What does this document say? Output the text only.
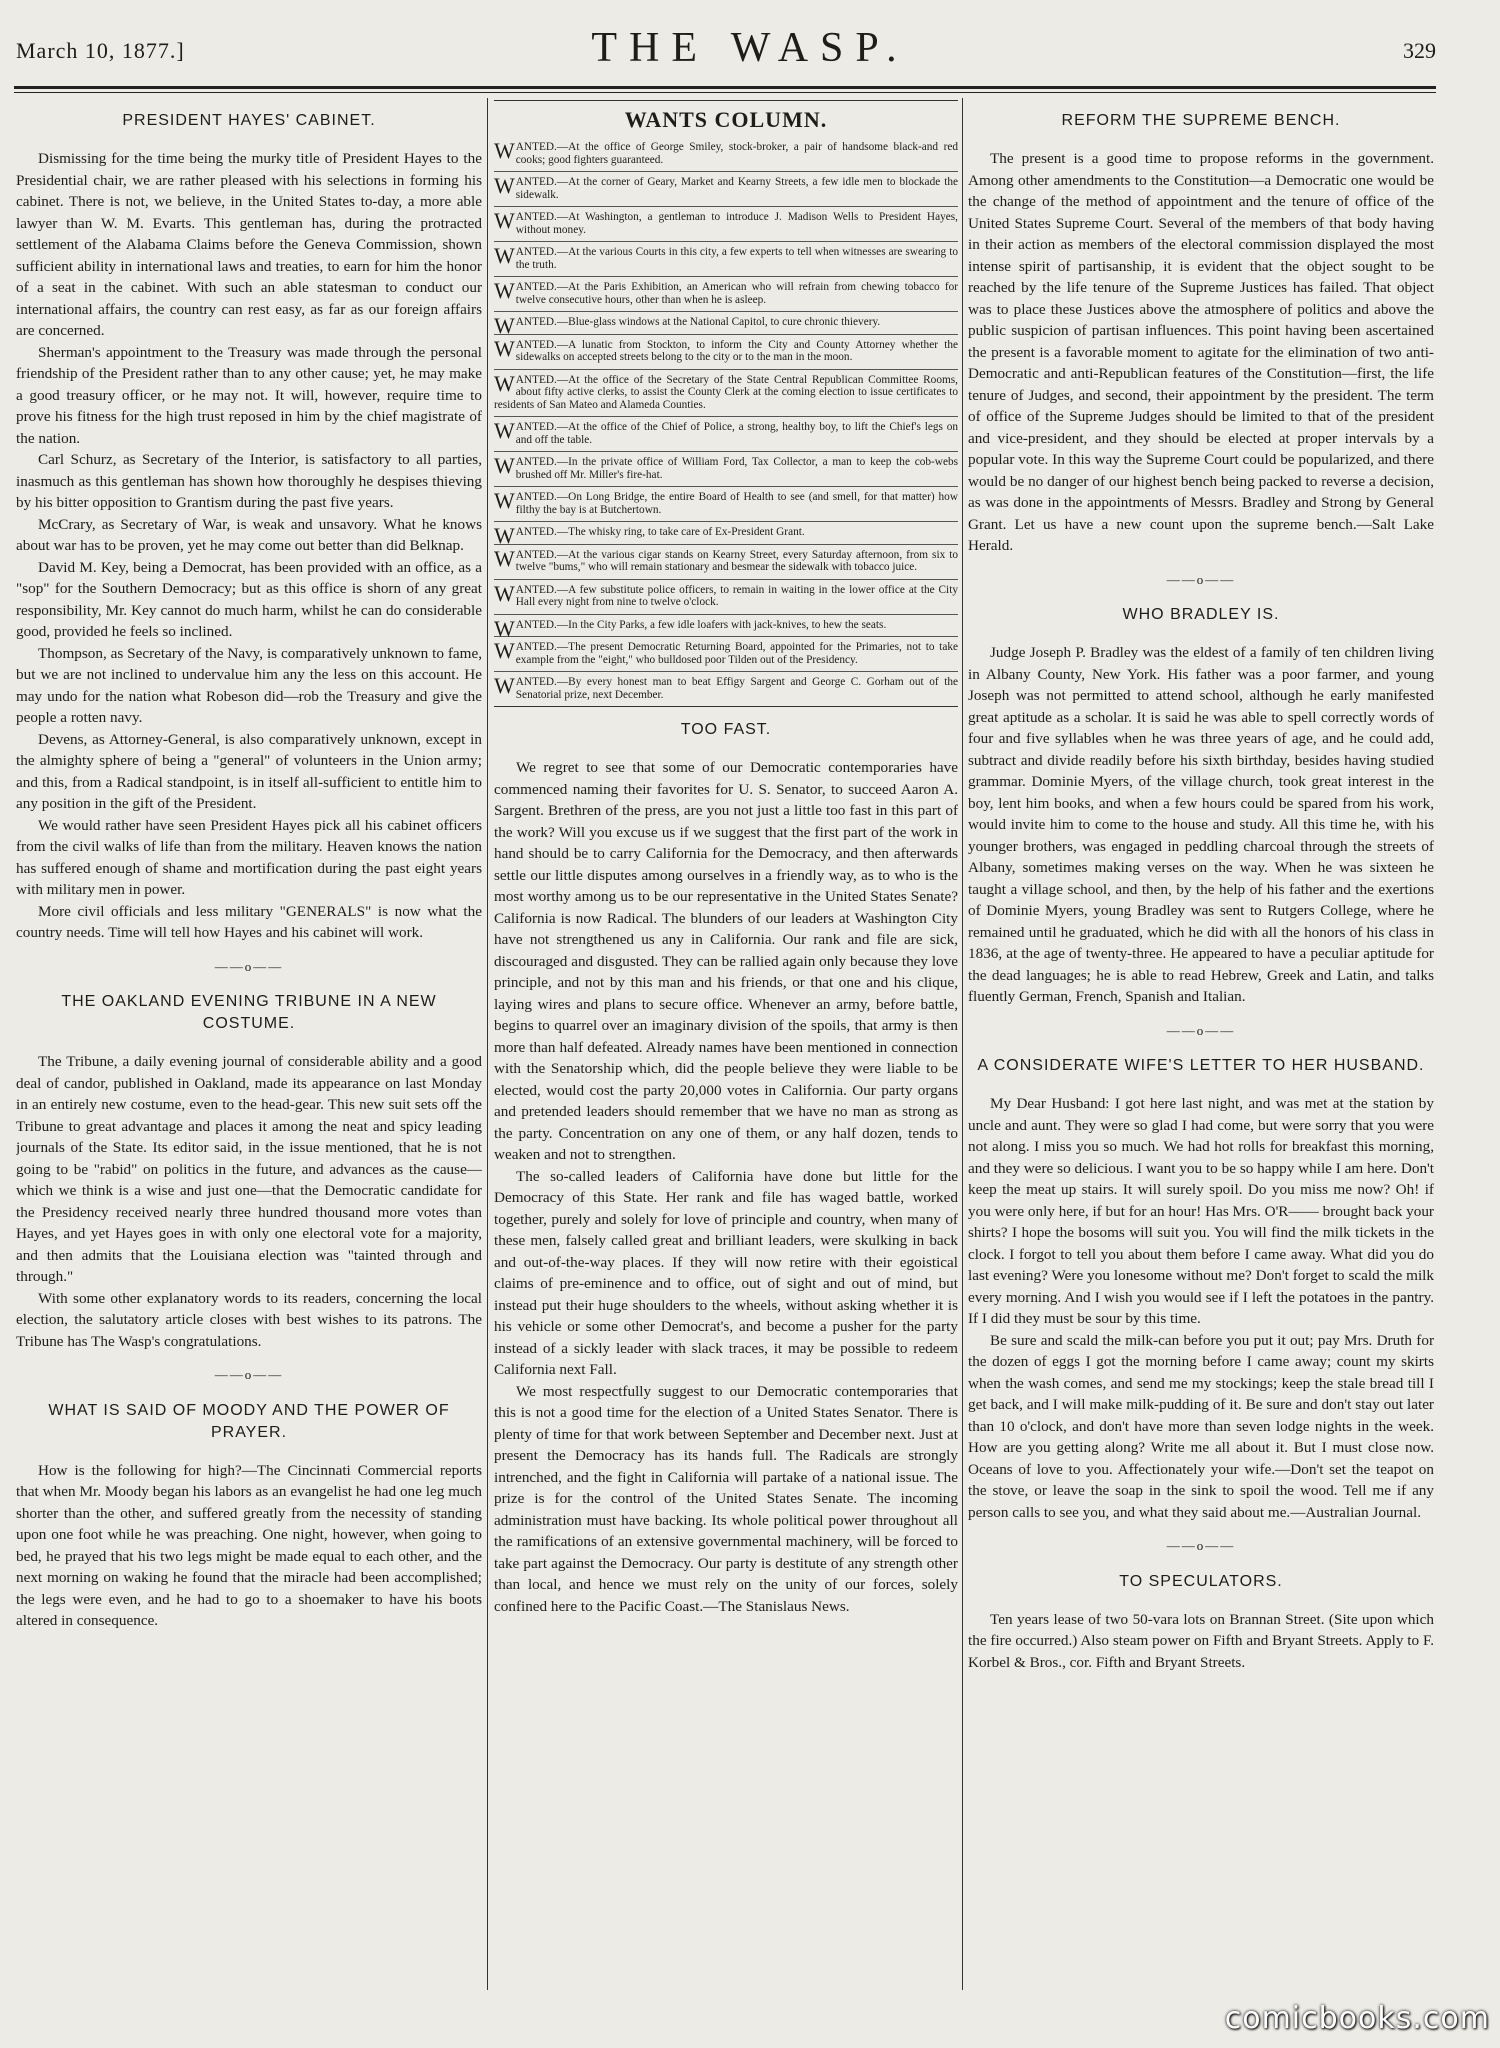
March 10, 1877.]	THE WASP.	329
PRESIDENT HAYES' CABINET.

Dismissing for the time being the murky title of President Hayes to the Presidential chair, we are rather pleased with his selections in forming his cabinet. There is not, we believe, in the United States to-day, a more able lawyer than W. M. Evarts. This gentleman has, during the protracted settlement of the Alabama Claims before the Geneva Commission, shown sufficient ability in international laws and treaties, to earn for him the honor of a seat in the cabinet. With such an able statesman to conduct our international affairs, the country can rest easy, as far as our foreign affairs are concerned.

Sherman's appointment to the Treasury was made through the personal friendship of the President rather than to any other cause; yet, he may make a good treasury officer, or he may not. It will, however, require time to prove his fitness for the high trust reposed in him by the chief magistrate of the nation.

Carl Schurz, as Secretary of the Interior, is satisfactory to all parties, inasmuch as this gentleman has shown how thoroughly he despises thieving by his bitter opposition to Grantism during the past five years.

McCrary, as Secretary of War, is weak and unsavory. What he knows about war has to be proven, yet he may come out better than did Belknap.

David M. Key, being a Democrat, has been provided with an office, as a "sop" for the Southern Democracy; but as this office is shorn of any great responsibility, Mr. Key cannot do much harm, whilst he can do considerable good, provided he feels so inclined.

Thompson, as Secretary of the Navy, is comparatively unknown to fame, but we are not inclined to undervalue him any the less on this account. He may undo for the nation what Robeson did—rob the Treasury and give the people a rotten navy.

Devens, as Attorney-General, is also comparatively unknown, except in the almighty sphere of being a "general" of volunteers in the Union army; and this, from a Radical standpoint, is in itself all-sufficient to entitle him to any position in the gift of the President.

We would rather have seen President Hayes pick all his cabinet officers from the civil walks of life than from the military. Heaven knows the nation has suffered enough of shame and mortification during the past eight years with military men in power.

More civil officials and less military "GENERALS" is now what the country needs. Time will tell how Hayes and his cabinet will work.

——o——
THE OAKLAND EVENING TRIBUNE IN A NEW COSTUME.

The Tribune, a daily evening journal of considerable ability and a good deal of candor, published in Oakland, made its appearance on last Monday in an entirely new costume, even to the head-gear. This new suit sets off the Tribune to great advantage and places it among the neat and spicy leading journals of the State. Its editor said, in the issue mentioned, that he is not going to be "rabid" on politics in the future, and advances as the cause—which we think is a wise and just one—that the Democratic candidate for the Presidency received nearly three hundred thousand more votes than Hayes, and yet Hayes goes in with only one electoral vote for a majority, and then admits that the Louisiana election was "tainted through and through."

With some other explanatory words to its readers, concerning the local election, the salutatory article closes with best wishes to its patrons. The Tribune has The Wasp's congratulations.

——o——
WHAT IS SAID OF MOODY AND THE POWER OF PRAYER.

How is the following for high?—The Cincinnati Commercial reports that when Mr. Moody began his labors as an evangelist he had one leg much shorter than the other, and suffered greatly from the necessity of standing upon one foot while he was preaching. One night, however, when going to bed, he prayed that his two legs might be made equal to each other, and the next morning on waking he found that the miracle had been accomplished; the legs were even, and he had to go to a shoemaker to have his boots altered in consequence.

WANTS COLUMN.
WANTED.—At the office of George Smiley, stock-broker, a pair of handsome black-and red cooks; good fighters guaranteed.
WANTED.—At the corner of Geary, Market and Kearny Streets, a few idle men to blockade the sidewalk.
WANTED.—At Washington, a gentleman to introduce J. Madison Wells to President Hayes, without money.
WANTED.—At the various Courts in this city, a few experts to tell when witnesses are swearing to the truth.
WANTED.—At the Paris Exhibition, an American who will refrain from chewing tobacco for twelve consecutive hours, other than when he is asleep.
WANTED.—Blue-glass windows at the National Capitol, to cure chronic thievery.
WANTED.—A lunatic from Stockton, to inform the City and County Attorney whether the sidewalks on accepted streets belong to the city or to the man in the moon.
WANTED.—At the office of the Secretary of the State Central Republican Committee Rooms, about fifty active clerks, to assist the County Clerk at the coming election to issue certificates to residents of San Mateo and Alameda Counties.
WANTED.—At the office of the Chief of Police, a strong, healthy boy, to lift the Chief's legs on and off the table.
WANTED.—In the private office of William Ford, Tax Collector, a man to keep the cob-webs brushed off Mr. Miller's fire-hat.
WANTED.—On Long Bridge, the entire Board of Health to see (and smell, for that matter) how filthy the bay is at Butchertown.
WANTED.—The whisky ring, to take care of Ex-President Grant.
WANTED.—At the various cigar stands on Kearny Street, every Saturday afternoon, from six to twelve "bums," who will remain stationary and besmear the sidewalk with tobacco juice.
WANTED.—A few substitute police officers, to remain in waiting in the lower office at the City Hall every night from nine to twelve o'clock.
WANTED.—In the City Parks, a few idle loafers with jack-knives, to hew the seats.
WANTED.—The present Democratic Returning Board, appointed for the Primaries, not to take example from the "eight," who bulldosed poor Tilden out of the Presidency.
WANTED.—By every honest man to beat Effigy Sargent and George C. Gorham out of the Senatorial prize, next December.
TOO FAST.

We regret to see that some of our Democratic contemporaries have commenced naming their favorites for U. S. Senator, to succeed Aaron A. Sargent. Brethren of the press, are you not just a little too fast in this part of the work? Will you excuse us if we suggest that the first part of the work in hand should be to carry California for the Democracy, and then afterwards settle our little disputes among ourselves in a friendly way, as to who is the most worthy among us to be our representative in the United States Senate? California is now Radical. The blunders of our leaders at Washington City have not strengthened us any in California. Our rank and file are sick, discouraged and disgusted. They can be rallied again only because they love principle, and not by this man and his friends, or that one and his clique, laying wires and plans to secure office. Whenever an army, before battle, begins to quarrel over an imaginary division of the spoils, that army is then more than half defeated. Already names have been mentioned in connection with the Senatorship which, did the people believe they were liable to be elected, would cost the party 20,000 votes in California. Our party organs and pretended leaders should remember that we have no man as strong as the party. Concentration on any one of them, or any half dozen, tends to weaken and not to strengthen.

The so-called leaders of California have done but little for the Democracy of this State. Her rank and file has waged battle, worked together, purely and solely for love of principle and country, when many of these men, falsely called great and brilliant leaders, were skulking in back and out-of-the-way places. If they will now retire with their egoistical claims of pre-eminence and to office, out of sight and out of mind, but instead put their huge shoulders to the wheels, without asking whether it is his vehicle or some other Democrat's, and become a pusher for the party instead of a sickly leader with slack traces, it may be possible to redeem California next Fall.

We most respectfully suggest to our Democratic contemporaries that this is not a good time for the election of a United States Senator. There is plenty of time for that work between September and December next. Just at present the Democracy has its hands full. The Radicals are strongly intrenched, and the fight in California will partake of a national issue. The prize is for the control of the United States Senate. The incoming administration must have backing. Its whole political power throughout all the ramifications of an extensive governmental machinery, will be forced to take part against the Democracy. Our party is destitute of any strength other than local, and hence we must rely on the unity of our forces, solely confined here to the Pacific Coast.—The Stanislaus News.

REFORM THE SUPREME BENCH.

The present is a good time to propose reforms in the government. Among other amendments to the Constitution—a Democratic one would be the change of the method of appointment and the tenure of office of the United States Supreme Court. Several of the members of that body having in their action as members of the electoral commission displayed the most intense spirit of partisanship, it is evident that the object sought to be reached by the life tenure of the Supreme Justices has failed. That object was to place these Justices above the atmosphere of politics and above the public suspicion of partisan influences. This point having been ascertained the present is a favorable moment to agitate for the elimination of two anti-Democratic and anti-Republican features of the Constitution—first, the life tenure of Judges, and second, their appointment by the president. The term of office of the Supreme Judges should be limited to that of the president and vice-president, and they should be elected at proper intervals by a popular vote. In this way the Supreme Court could be popularized, and there would be no danger of our highest bench being packed to reverse a decision, as was done in the appointments of Messrs. Bradley and Strong by General Grant. Let us have a new count upon the supreme bench.—Salt Lake Herald.

——o——
WHO BRADLEY IS.

Judge Joseph P. Bradley was the eldest of a family of ten children living in Albany County, New York. His father was a poor farmer, and young Joseph was not permitted to attend school, although he early manifested great aptitude as a scholar. It is said he was able to spell correctly words of four and five syllables when he was three years of age, and he could add, subtract and divide readily before his sixth birthday, besides having studied grammar. Dominie Myers, of the village church, took great interest in the boy, lent him books, and when a few hours could be spared from his work, would invite him to come to the house and study. All this time he, with his younger brothers, was engaged in peddling charcoal through the streets of Albany, sometimes making verses on the way. When he was sixteen he taught a village school, and then, by the help of his father and the exertions of Dominie Myers, young Bradley was sent to Rutgers College, where he remained until he graduated, which he did with all the honors of his class in 1836, at the age of twenty-three. He appeared to have a peculiar aptitude for the dead languages; he is able to read Hebrew, Greek and Latin, and talks fluently German, French, Spanish and Italian.

——o——
A CONSIDERATE WIFE'S LETTER TO HER HUSBAND.

My Dear Husband: I got here last night, and was met at the station by uncle and aunt. They were so glad I had come, but were sorry that you were not along. I miss you so much. We had hot rolls for breakfast this morning, and they were so delicious. I want you to be so happy while I am here. Don't keep the meat up stairs. It will surely spoil. Do you miss me now? Oh! if you were only here, if but for an hour! Has Mrs. O'R—— brought back your shirts? I hope the bosoms will suit you. You will find the milk tickets in the clock. I forgot to tell you about them before I came away. What did you do last evening? Were you lonesome without me? Don't forget to scald the milk every morning. And I wish you would see if I left the potatoes in the pantry. If I did they must be sour by this time.

Be sure and scald the milk-can before you put it out; pay Mrs. Druth for the dozen of eggs I got the morning before I came away; count my skirts when the wash comes, and send me my stockings; keep the stale bread till I get back, and I will make milk-pudding of it. Be sure and don't stay out later than 10 o'clock, and don't have more than seven lodge nights in the week. How are you getting along? Write me all about it. But I must close now. Oceans of love to you. Affectionately your wife.—Don't set the teapot on the stove, or leave the soap in the sink to spoil the wood. Tell me if any person calls to see you, and what they said about me.—Australian Journal.

——o——
TO SPECULATORS.

Ten years lease of two 50-vara lots on Brannan Street. (Site upon which the fire occurred.) Also steam power on Fifth and Bryant Streets. Apply to F. Korbel & Bros., cor. Fifth and Bryant Streets.

comicbooks.com
